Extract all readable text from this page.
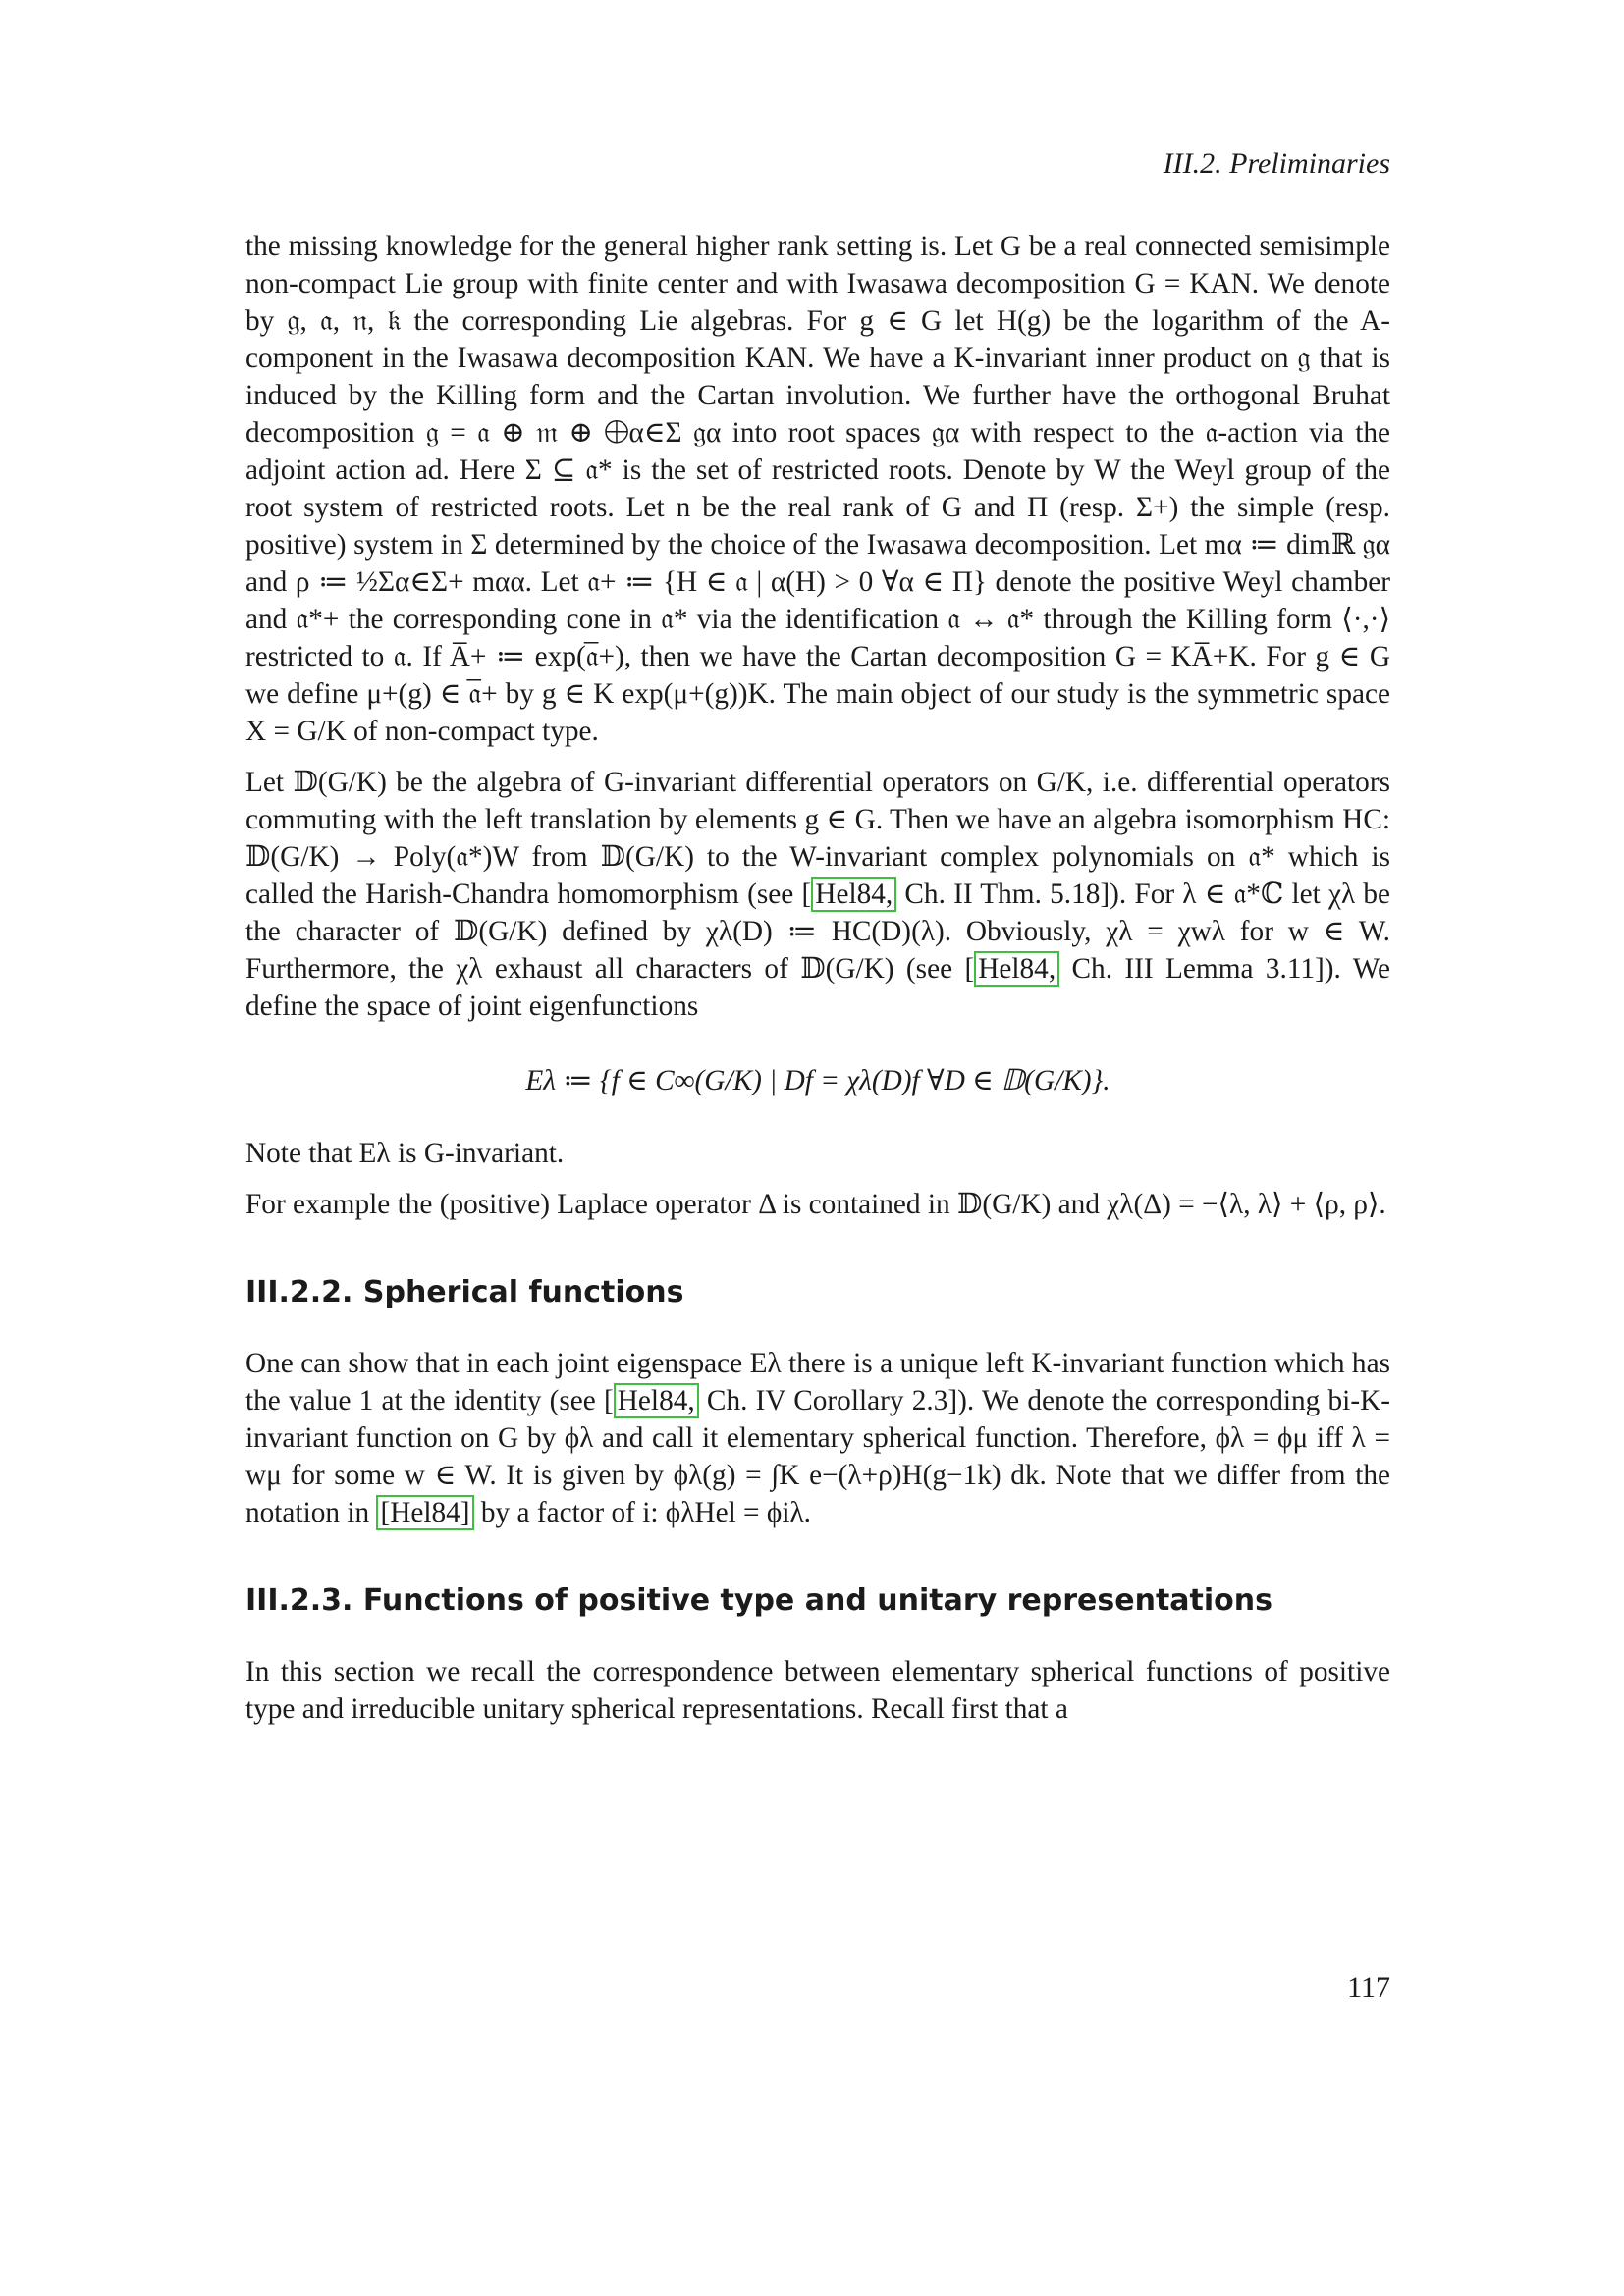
III.2. Preliminaries

the missing knowledge for the general higher rank setting is. Let G be a real connected semisimple non-compact Lie group with finite center and with Iwasawa decomposition G = KAN. We denote by 𝔤, 𝔞, 𝔫, 𝔨 the corresponding Lie algebras. For g ∈ G let H(g) be the logarithm of the A-component in the Iwasawa decomposition KAN. We have a K-invariant inner product on 𝔤 that is induced by the Killing form and the Cartan involution. We further have the orthogonal Bruhat decomposition 𝔤 = 𝔞 ⊕ 𝔪 ⊕ ⨁α∈Σ 𝔤α into root spaces 𝔤α with respect to the 𝔞-action via the adjoint action ad. Here Σ ⊆ 𝔞* is the set of restricted roots. Denote by W the Weyl group of the root system of restricted roots. Let n be the real rank of G and Π (resp. Σ+) the simple (resp. positive) system in Σ determined by the choice of the Iwasawa decomposition. Let mα ≔ dimℝ 𝔤α and ρ ≔ ½Σα∈Σ+ mαα. Let 𝔞+ ≔ {H ∈ 𝔞 | α(H) > 0 ∀α ∈ Π} denote the positive Weyl chamber and 𝔞*+ the corresponding cone in 𝔞* via the identification 𝔞 ↔ 𝔞* through the Killing form ⟨·,·⟩ restricted to 𝔞. If A̅+ ≔ exp(𝔞̅+), then we have the Cartan decomposition G = KA̅+K. For g ∈ G we define μ+(g) ∈ 𝔞̅+ by g ∈ K exp(μ+(g))K. The main object of our study is the symmetric space X = G/K of non-compact type.

Let 𝔻(G/K) be the algebra of G-invariant differential operators on G/K, i.e. differential operators commuting with the left translation by elements g ∈ G. Then we have an algebra isomorphism HC: 𝔻(G/K) → Poly(𝔞*)W from 𝔻(G/K) to the W-invariant complex polynomials on 𝔞* which is called the Harish-Chandra homomorphism (see [ Hel84, Ch. II Thm. 5.18]). For λ ∈ 𝔞*ℂ let χλ be the character of 𝔻(G/K) defined by χλ(D) ≔ HC(D)(λ). Obviously, χλ = χwλ for w ∈ W. Furthermore, the χλ exhaust all characters of 𝔻(G/K) (see [ Hel84, Ch. III Lemma 3.11]). We define the space of joint eigenfunctions

Eλ ≔ {f ∈ C∞(G/K) | Df = χλ(D)f ∀D ∈ 𝔻(G/K)}.

Note that Eλ is G-invariant.

For example the (positive) Laplace operator Δ is contained in 𝔻(G/K) and χλ(Δ) = −⟨λ, λ⟩ + ⟨ρ, ρ⟩.

III.2.2. Spherical functions

One can show that in each joint eigenspace Eλ there is a unique left K-invariant function which has the value 1 at the identity (see [ Hel84, Ch. IV Corollary 2.3]). We denote the corresponding bi-K-invariant function on G by ϕλ and call it elementary spherical function. Therefore, ϕλ = ϕμ iff λ = wμ for some w ∈ W. It is given by ϕλ(g) = ∫K e−(λ+ρ)H(g−1k) dk. Note that we differ from the notation in [Hel84] by a factor of i: ϕλHel = ϕiλ.

III.2.3. Functions of positive type and unitary representations

In this section we recall the correspondence between elementary spherical functions of positive type and irreducible unitary spherical representations. Recall first that a

117
